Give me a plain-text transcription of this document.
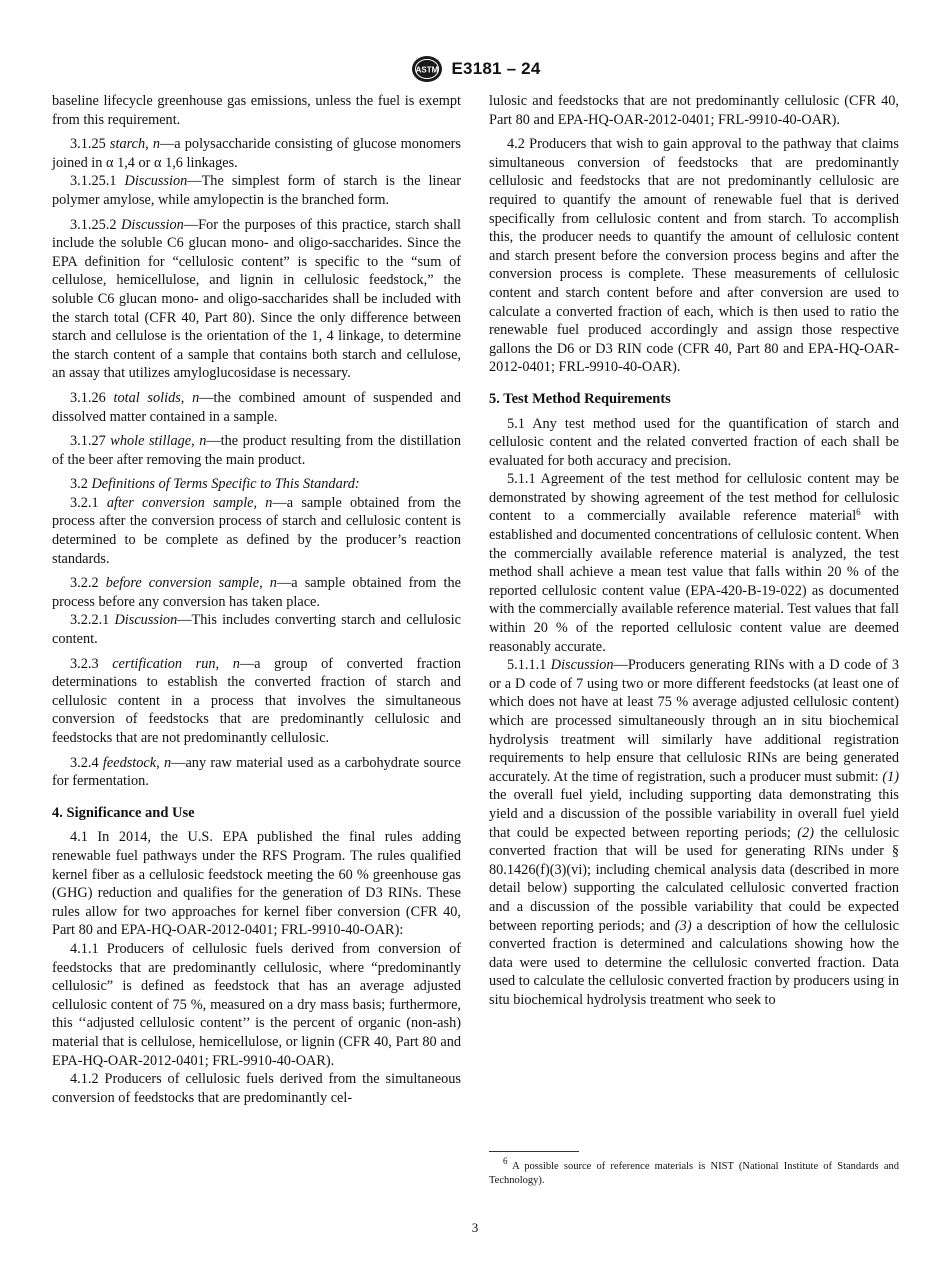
ASTM E3181 – 24

baseline lifecycle greenhouse gas emissions, unless the fuel is exempt from this requirement.

3.1.25 starch, n—a polysaccharide consisting of glucose monomers joined in α 1,4 or α 1,6 linkages.

3.1.25.1 Discussion—The simplest form of starch is the linear polymer amylose, while amylopectin is the branched form.

3.1.25.2 Discussion—For the purposes of this practice, starch shall include the soluble C6 glucan mono- and oligo-saccharides. Since the EPA definition for “cellulosic content” is specific to the “sum of cellulose, hemicellulose, and lignin in cellulosic feedstock,” the soluble C6 glucan mono- and oligo-saccharides shall be included with the starch total (CFR 40, Part 80). Since the only difference between starch and cellulose is the orientation of the 1, 4 linkage, to determine the starch content of a sample that contains both starch and cellulose, an assay that utilizes amyloglucosidase is necessary.

3.1.26 total solids, n—the combined amount of suspended and dissolved matter contained in a sample.

3.1.27 whole stillage, n—the product resulting from the distillation of the beer after removing the main product.

3.2 Definitions of Terms Specific to This Standard:

3.2.1 after conversion sample, n—a sample obtained from the process after the conversion process of starch and cellulosic content is determined to be complete as defined by the producer’s reaction standards.

3.2.2 before conversion sample, n—a sample obtained from the process before any conversion has taken place.

3.2.2.1 Discussion—This includes converting starch and cellulosic content.

3.2.3 certification run, n—a group of converted fraction determinations to establish the converted fraction of starch and cellulosic content in a process that involves the simultaneous conversion of feedstocks that are predominantly cellulosic and feedstocks that are not predominantly cellulosic.

3.2.4 feedstock, n—any raw material used as a carbohydrate source for fermentation.

4. Significance and Use

4.1 In 2014, the U.S. EPA published the final rules adding renewable fuel pathways under the RFS Program. The rules qualified kernel fiber as a cellulosic feedstock meeting the 60 % greenhouse gas (GHG) reduction and qualifies for the generation of D3 RINs. These rules allow for two approaches for kernel fiber conversion (CFR 40, Part 80 and EPA-HQ-OAR-2012-0401; FRL-9910-40-OAR):

4.1.1 Producers of cellulosic fuels derived from conversion of feedstocks that are predominantly cellulosic, where “predominantly cellulosic” is defined as feedstock that has an average adjusted cellulosic content of 75 %, measured on a dry mass basis; furthermore, this ‘‘adjusted cellulosic content’’ is the percent of organic (non-ash) material that is cellulose, hemicellulose, or lignin (CFR 40, Part 80 and EPA-HQ-OAR-2012-0401; FRL-9910-40-OAR).

4.1.2 Producers of cellulosic fuels derived from the simultaneous conversion of feedstocks that are predominantly cel-

lulosic and feedstocks that are not predominantly cellulosic (CFR 40, Part 80 and EPA-HQ-OAR-2012-0401; FRL-9910-40-OAR).

4.2 Producers that wish to gain approval to the pathway that claims simultaneous conversion of feedstocks that are predominantly cellulosic and feedstocks that are not predominantly cellulosic are required to quantify the amount of renewable fuel that is derived specifically from cellulosic content and from starch. To accomplish this, the producer needs to quantify the amount of cellulosic content and starch present before the conversion process begins and after the conversion process is complete. These measurements of cellulosic content and starch content before and after conversion are used to calculate a converted fraction of each, which is then used to ratio the renewable fuel produced accordingly and assign those respective gallons the D6 or D3 RIN code (CFR 40, Part 80 and EPA-HQ-OAR-2012-0401; FRL-9910-40-OAR).

5. Test Method Requirements

5.1 Any test method used for the quantification of starch and cellulosic content and the related converted fraction of each shall be evaluated for both accuracy and precision.

5.1.1 Agreement of the test method for cellulosic content may be demonstrated by showing agreement of the test method for cellulosic content to a commercially available reference material$^6$ with established and documented concentrations of cellulosic content. When the commercially available reference material is analyzed, the test method shall achieve a mean test value that falls within 20 % of the reported cellulosic content value (EPA-420-B-19-022) as documented with the commercially available reference material. Test values that fall within 20 % of the reported cellulosic content value are deemed reasonably accurate.

5.1.1.1 Discussion—Producers generating RINs with a D code of 3 or a D code of 7 using two or more different feedstocks (at least one of which does not have at least 75 % average adjusted cellulosic content) which are processed simultaneously through an in situ biochemical hydrolysis treatment will similarly have additional registration requirements to help ensure that cellulosic RINs are being generated accurately. At the time of registration, such a producer must submit: (1) the overall fuel yield, including supporting data demonstrating this yield and a discussion of the possible variability in overall fuel yield that could be expected between reporting periods; (2) the cellulosic converted fraction that will be used for generating RINs under § 80.1426(f)(3)(vi); including chemical analysis data (described in more detail below) supporting the calculated cellulosic converted fraction and a discussion of the possible variability that could be expected between reporting periods; and (3) a description of how the cellulosic converted fraction is determined and calculations showing how the data were used to determine the cellulosic converted fraction. Data used to calculate the cellulosic converted fraction by producers using in situ biochemical hydrolysis treatment who seek to

$^6$ A possible source of reference materials is NIST (National Institute of Standards and Technology).

3
